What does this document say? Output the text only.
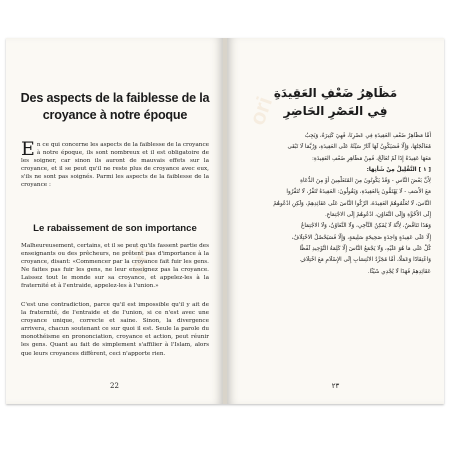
Des aspects de la faiblesse de la croyance à notre époque
En ce qui concerne les aspects de la faiblesse de la croyance à notre époque, ils sont nombreux et il est obligatoire de les soigner, car sinon ils auront de mauvais effets sur la croyance, et il se peut qu'il ne reste plus de croyance avec eux, s'ils ne sont pas soignés. Parmi les aspects de la faiblesse de la croyance :
Le rabaissement de son importance
Malheureusement, certains, et il se peut qu'ils fassent partie des enseignants ou des prêcheurs, ne prêtent pas d'importance à la croyance, disant: «Commencer par la croyance fait fuir les gens. Ne faites pas fuir les gens, ne leur enseignez pas la croyance. Laissez tout le monde sur sa croyance, et appelez-les à la fraternité et à l'entraide, appelez-les à l'union.»
C'est une contradiction, parce qu'il est impossible qu'il y ait de la fraternité, de l'entraide et de l'union, si ce n'est avec une croyance unique, correcte et saine. Sinon, la divergence arrivera, chacun soutenant ce sur quoi il est. Seule la parole du monothéisme en prononciation, croyance et action, peut réunir les gens. Quant au fait de simplement s'affilier à l'Islam, alors que leurs croyances diffèrent, ceci n'apporte rien.
22
ori
مَظَاهِرُ ضَعْفِ العَقِيدَةِ
فِي العَصْرِ الحَاضِرِ
أَمَّا مَظَاهِرُ ضَعْفِ العَقِيدَةِ فِي عَصْرِنَا، فَهِيَ كَثِيرَةٌ، وَيَجِبُ
مُعَالَجَتُهَا، وَإِلَّا فَسَيَكُونُ لَهَا آثَارٌ سَيِّئَةٌ عَلَى العَقِيدَةِ، وَرُبَّمَا لَا تَبْقَى
مَعَهَا عَقِيدَةٌ إِذَا لَمْ تُعَالَجْ، فَمِنْ مَظَاهِرِ ضَعْفِ العَقِيدَةِ:
[ ١ ] التَّقْلِيلُ مِنْ شَأْنِهَا:
لِأَنَّ بَعْضَ النَّاسِ - وَقَدْ يَكُونُونَ مِنَ المُتَعَلِّمِينَ أَوْ مِنَ الدُّعَاةِ
مَعَ الأَسَفِ - لَا يَهْتَمُّونَ بِالعَقِيدَةِ، وَيَقُولُونَ: العَقِيدَةُ تُنَفِّرُ، لَا تُنَفِّرُوا
النَّاسَ، لَا تُعَلِّمُوهُمُ العَقِيدَةَ، اتْرُكُوا النَّاسَ عَلَى عَقَائِدِهِمْ، وَلَكِنِ ادْعُوهُمْ
إِلَى الأُخُوَّةِ وَإِلَى التَّعَاوُنِ، ادْعُوهُمْ إِلَى الاجْتِمَاعِ.
وَهَذَا تَنَاقُضٌ، لِأَنَّهُ لَا يُمْكِنُ التَّآخِي، وَلَا التَّعَاوُنُ، وَلَا الاجْتِمَاعُ
إِلَّا عَلَى عَقِيدَةٍ وَاحِدَةٍ صَحِيحَةٍ سَلِيمَةٍ، وَإِلَّا فَسَيَحْصُلُ الاخْتِلَافُ،
كُلٌّ عَلَى مَا هُوَ عَلَيْهِ، وَلَا يَجْمَعُ النَّاسَ إِلَّا كَلِمَةُ التَّوْحِيدِ لَفْظًا
وَاعْتِقَادًا وَعَمَلًا، أَمَّا مُجَرَّدُ الانْتِسَابِ إِلَى الإِسْلَامِ مَعَ اخْتِلَافِ
عَقَائِدِهِمْ فَهَذَا لَا يُجْدِي شَيْئًا.
٢٣
ori
